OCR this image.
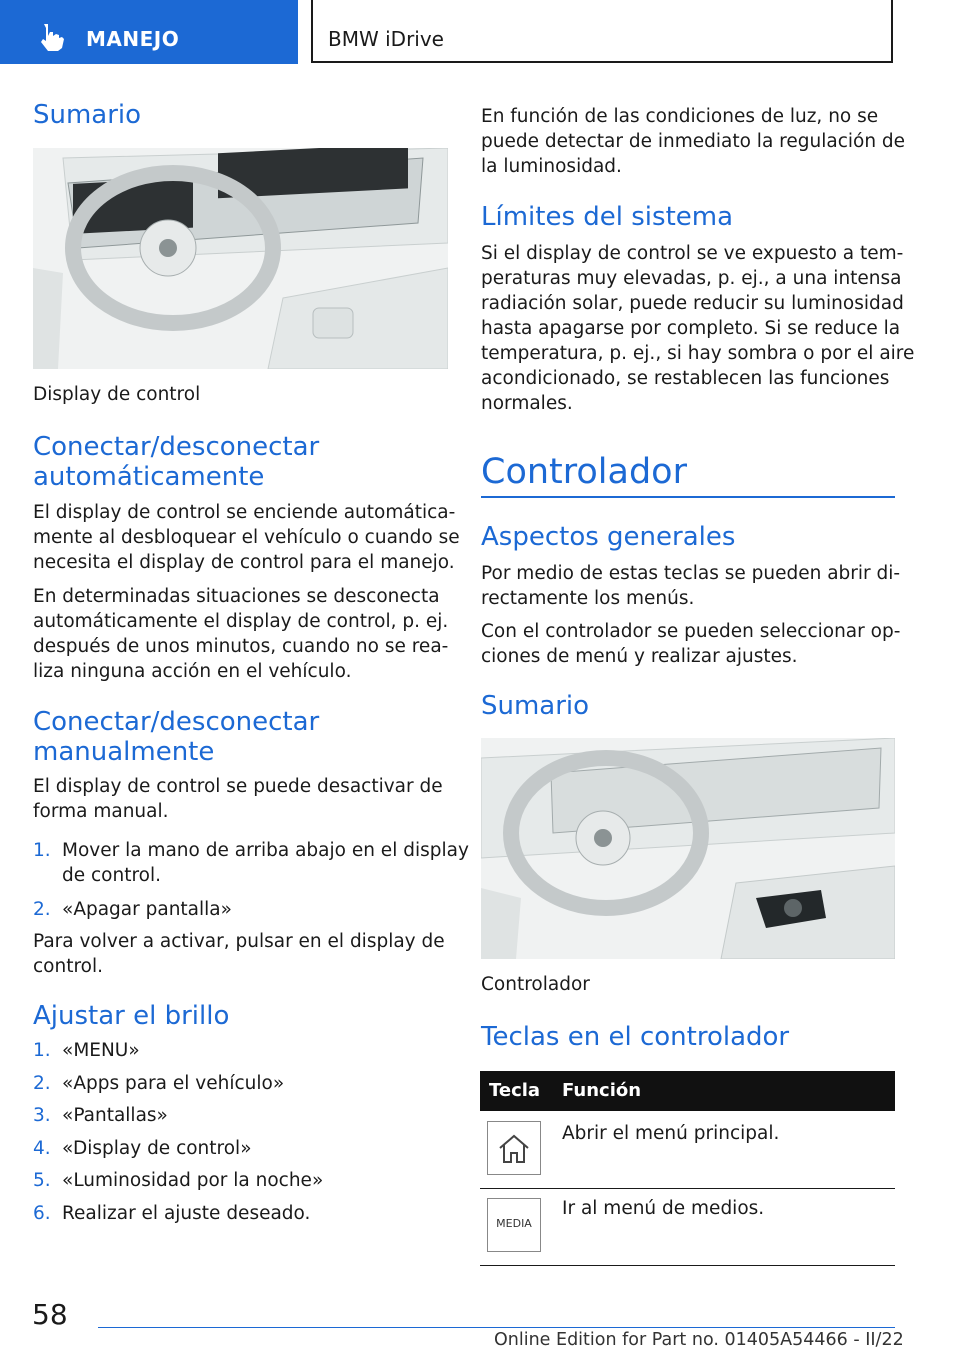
MANEJO	BMW iDrive
Sumario
Display de control
Conectar/desconectar
automáticamente
El display de control se enciende automática‐
mente al desbloquear el vehículo o cuando se
necesita el display de control para el manejo.
En determinadas situaciones se desconecta
automáticamente el display de control, p. ej.
después de unos minutos, cuando no se rea‐
liza ninguna acción en el vehículo.
Conectar/desconectar
manualmente
El display de control se puede desactivar de
forma manual.
1. Mover la mano de arriba abajo en el display
de control.
2. «Apagar pantalla»
Para volver a activar, pulsar en el display de
control.
Ajustar el brillo
1. «MENU»
2. «Apps para el vehículo»
3. «Pantallas»
4. «Display de control»
5. «Luminosidad por la noche»
6. Realizar el ajuste deseado.
En función de las condiciones de luz, no se
puede detectar de inmediato la regulación de
la luminosidad.
Límites del sistema
Si el display de control se ve expuesto a tem‐
peraturas muy elevadas, p. ej., a una intensa
radiación solar, puede reducir su luminosidad
hasta apagarse por completo. Si se reduce la
temperatura, p. ej., si hay sombra o por el aire
acondicionado, se restablecen las funciones
normales.
Controlador
Aspectos generales
Por medio de estas teclas se pueden abrir di‐
rectamente los menús.
Con el controlador se pueden seleccionar op‐
ciones de menú y realizar ajustes.
Sumario
Controlador
Teclas en el controlador
Tecla Función
Abrir el menú principal.
MEDIA
Ir al menú de medios.
58
Online Edition for Part no. 01405A54466 - II/22
